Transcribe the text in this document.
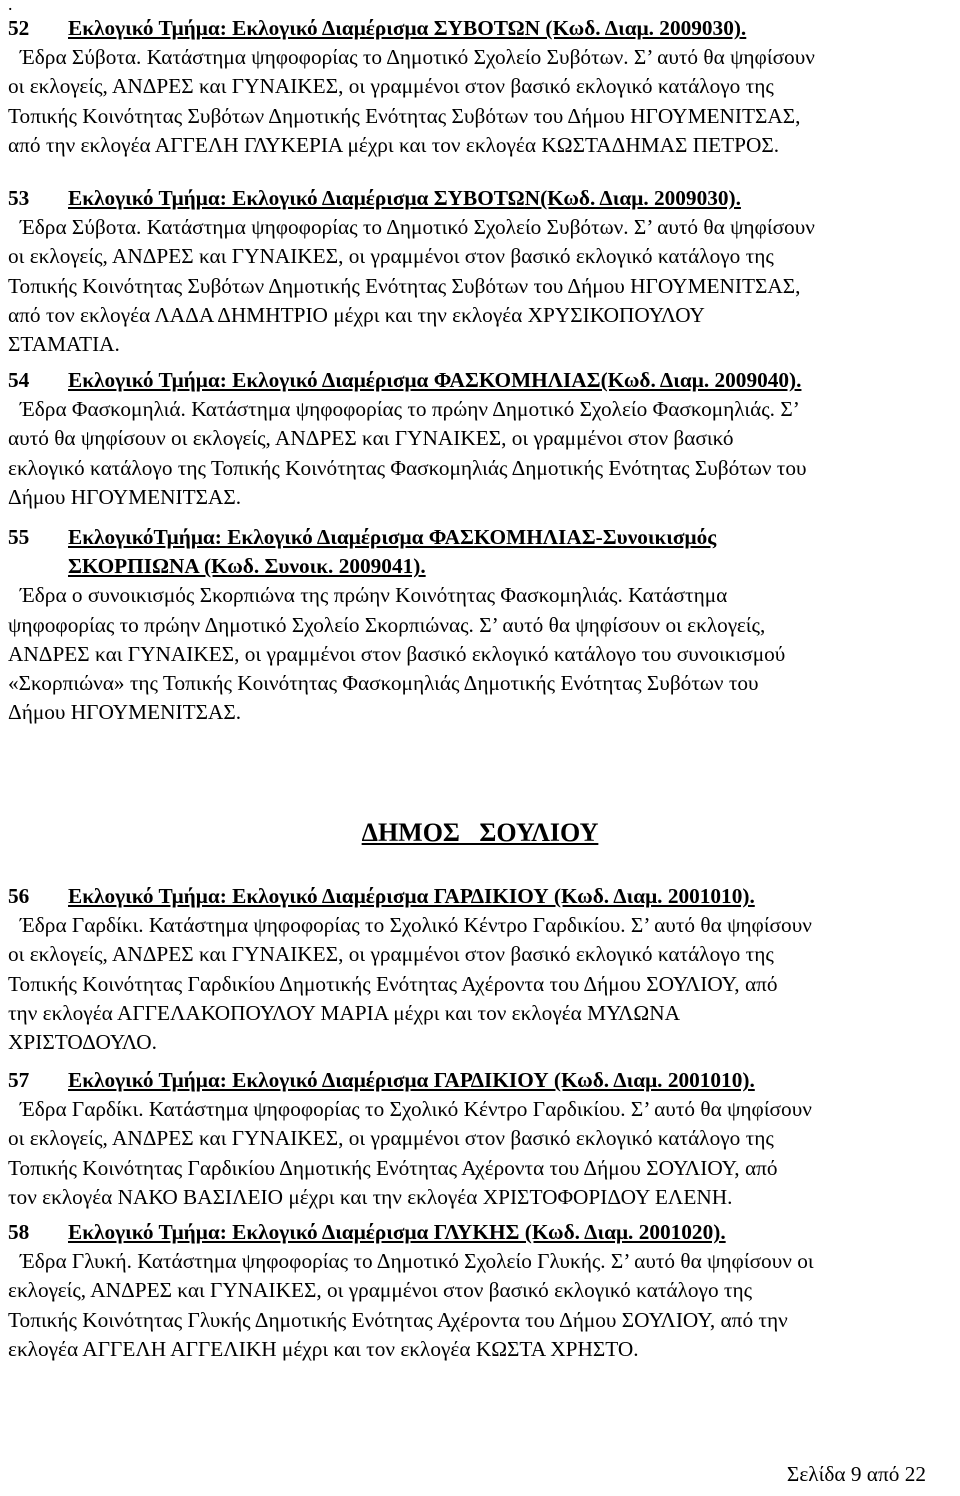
.
52	Εκλογικό Τμήμα: Εκλογικό Διαμέρισμα ΣΥΒΟΤΩΝ (Κωδ. Διαμ. 2009030).
Έδρα Σύβοτα. Κατάστημα ψηφοφορίας το Δημοτικό Σχολείο Συβότων. Σ’ αυτό θα ψηφίσουν
οι εκλογείς, ΑΝΔΡΕΣ και ΓΥΝΑΙΚΕΣ, οι γραμμένοι στον βασικό εκλογικό κατάλογο της
Τοπικής Κοινότητας Συβότων Δημοτικής Ενότητας Συβότων του Δήμου ΗΓΟΥΜΕΝΙΤΣΑΣ,
από την εκλογέα ΑΓΓΕΛΗ ΓΛΥΚΕΡΙΑ μέχρι και τον εκλογέα ΚΩΣΤΑΔΗΜΑΣ ΠΕΤΡΟΣ.
53	Εκλογικό Τμήμα: Εκλογικό Διαμέρισμα ΣΥΒΟΤΩΝ(Κωδ. Διαμ. 2009030).
Έδρα Σύβοτα. Κατάστημα ψηφοφορίας το Δημοτικό Σχολείο Συβότων. Σ’ αυτό θα ψηφίσουν
οι εκλογείς, ΑΝΔΡΕΣ και ΓΥΝΑΙΚΕΣ, οι γραμμένοι στον βασικό εκλογικό κατάλογο της
Τοπικής Κοινότητας Συβότων Δημοτικής Ενότητας Συβότων του Δήμου ΗΓΟΥΜΕΝΙΤΣΑΣ,
από τον εκλογέα ΛΑΔΑ ΔΗΜΗΤΡΙΟ μέχρι και την εκλογέα ΧΡΥΣΙΚΟΠΟΥΛΟΥ
ΣΤΑΜΑΤΙΑ.
54	Εκλογικό Τμήμα: Εκλογικό Διαμέρισμα ΦΑΣΚΟΜΗΛΙΑΣ(Κωδ. Διαμ. 2009040).
Έδρα Φασκομηλιά. Κατάστημα ψηφοφορίας το πρώην Δημοτικό Σχολείο Φασκομηλιάς. Σ’
αυτό θα ψηφίσουν οι εκλογείς, ΑΝΔΡΕΣ και ΓΥΝΑΙΚΕΣ, οι γραμμένοι στον βασικό
εκλογικό κατάλογο της Τοπικής Κοινότητας Φασκομηλιάς Δημοτικής Ενότητας Συβότων του
Δήμου ΗΓΟΥΜΕΝΙΤΣΑΣ.
55	ΕκλογικόΤμήμα: Εκλογικό Διαμέρισμα ΦΑΣΚΟΜΗΛΙΑΣ-Συνοικισμός
ΣΚΟΡΠΙΩΝΑ (Κωδ. Συνοικ. 2009041).
Έδρα ο συνοικισμός Σκορπιώνα της πρώην Κοινότητας Φασκομηλιάς. Κατάστημα
ψηφοφορίας το πρώην Δημοτικό Σχολείο Σκορπιώνας. Σ’ αυτό θα ψηφίσουν οι εκλογείς,
ΑΝΔΡΕΣ και ΓΥΝΑΙΚΕΣ, οι γραμμένοι στον βασικό εκλογικό κατάλογο του συνοικισμού
«Σκορπιώνα» της Τοπικής Κοινότητας Φασκομηλιάς Δημοτικής Ενότητας Συβότων του
Δήμου ΗΓΟΥΜΕΝΙΤΣΑΣ.
ΔΗΜΟΣ   ΣΟΥΛΙΟΥ
56	Εκλογικό Τμήμα: Εκλογικό Διαμέρισμα ΓΑΡΔΙΚΙΟΥ (Κωδ. Διαμ. 2001010).
Έδρα Γαρδίκι. Κατάστημα ψηφοφορίας το Σχολικό Κέντρο Γαρδικίου. Σ’ αυτό θα ψηφίσουν
οι εκλογείς, ΑΝΔΡΕΣ και ΓΥΝΑΙΚΕΣ, οι γραμμένοι στον βασικό εκλογικό κατάλογο της
Τοπικής Κοινότητας Γαρδικίου Δημοτικής Ενότητας Αχέροντα του Δήμου ΣΟΥΛΙΟΥ, από
την εκλογέα ΑΓΓΕΛΑΚΟΠΟΥΛΟΥ ΜΑΡΙΑ μέχρι και τον εκλογέα ΜΥΛΩΝΑ
ΧΡΙΣΤΟΔΟΥΛΟ.
57	Εκλογικό Τμήμα: Εκλογικό Διαμέρισμα ΓΑΡΔΙΚΙΟΥ (Κωδ. Διαμ. 2001010).
Έδρα Γαρδίκι. Κατάστημα ψηφοφορίας το Σχολικό Κέντρο Γαρδικίου. Σ’ αυτό θα ψηφίσουν
οι εκλογείς, ΑΝΔΡΕΣ και ΓΥΝΑΙΚΕΣ, οι γραμμένοι στον βασικό εκλογικό κατάλογο της
Τοπικής Κοινότητας Γαρδικίου Δημοτικής Ενότητας Αχέροντα του Δήμου ΣΟΥΛΙΟΥ, από
τον εκλογέα ΝΑΚΟ ΒΑΣΙΛΕΙΟ μέχρι και την εκλογέα ΧΡΙΣΤΟΦΟΡΙΔΟΥ ΕΛΕΝΗ.
58	Εκλογικό Τμήμα: Εκλογικό Διαμέρισμα ΓΛΥΚΗΣ (Κωδ. Διαμ. 2001020).
Έδρα Γλυκή. Κατάστημα ψηφοφορίας το Δημοτικό Σχολείο Γλυκής. Σ’ αυτό θα ψηφίσουν οι
εκλογείς, ΑΝΔΡΕΣ και ΓΥΝΑΙΚΕΣ, οι γραμμένοι στον βασικό εκλογικό κατάλογο της
Τοπικής Κοινότητας Γλυκής Δημοτικής Ενότητας Αχέροντα του Δήμου ΣΟΥΛΙΟΥ, από την
εκλογέα ΑΓΓΕΛΗ ΑΓΓΕΛΙΚΗ μέχρι και τον εκλογέα ΚΩΣΤΑ ΧΡΗΣΤΟ.
Σελίδα 9 από 22
